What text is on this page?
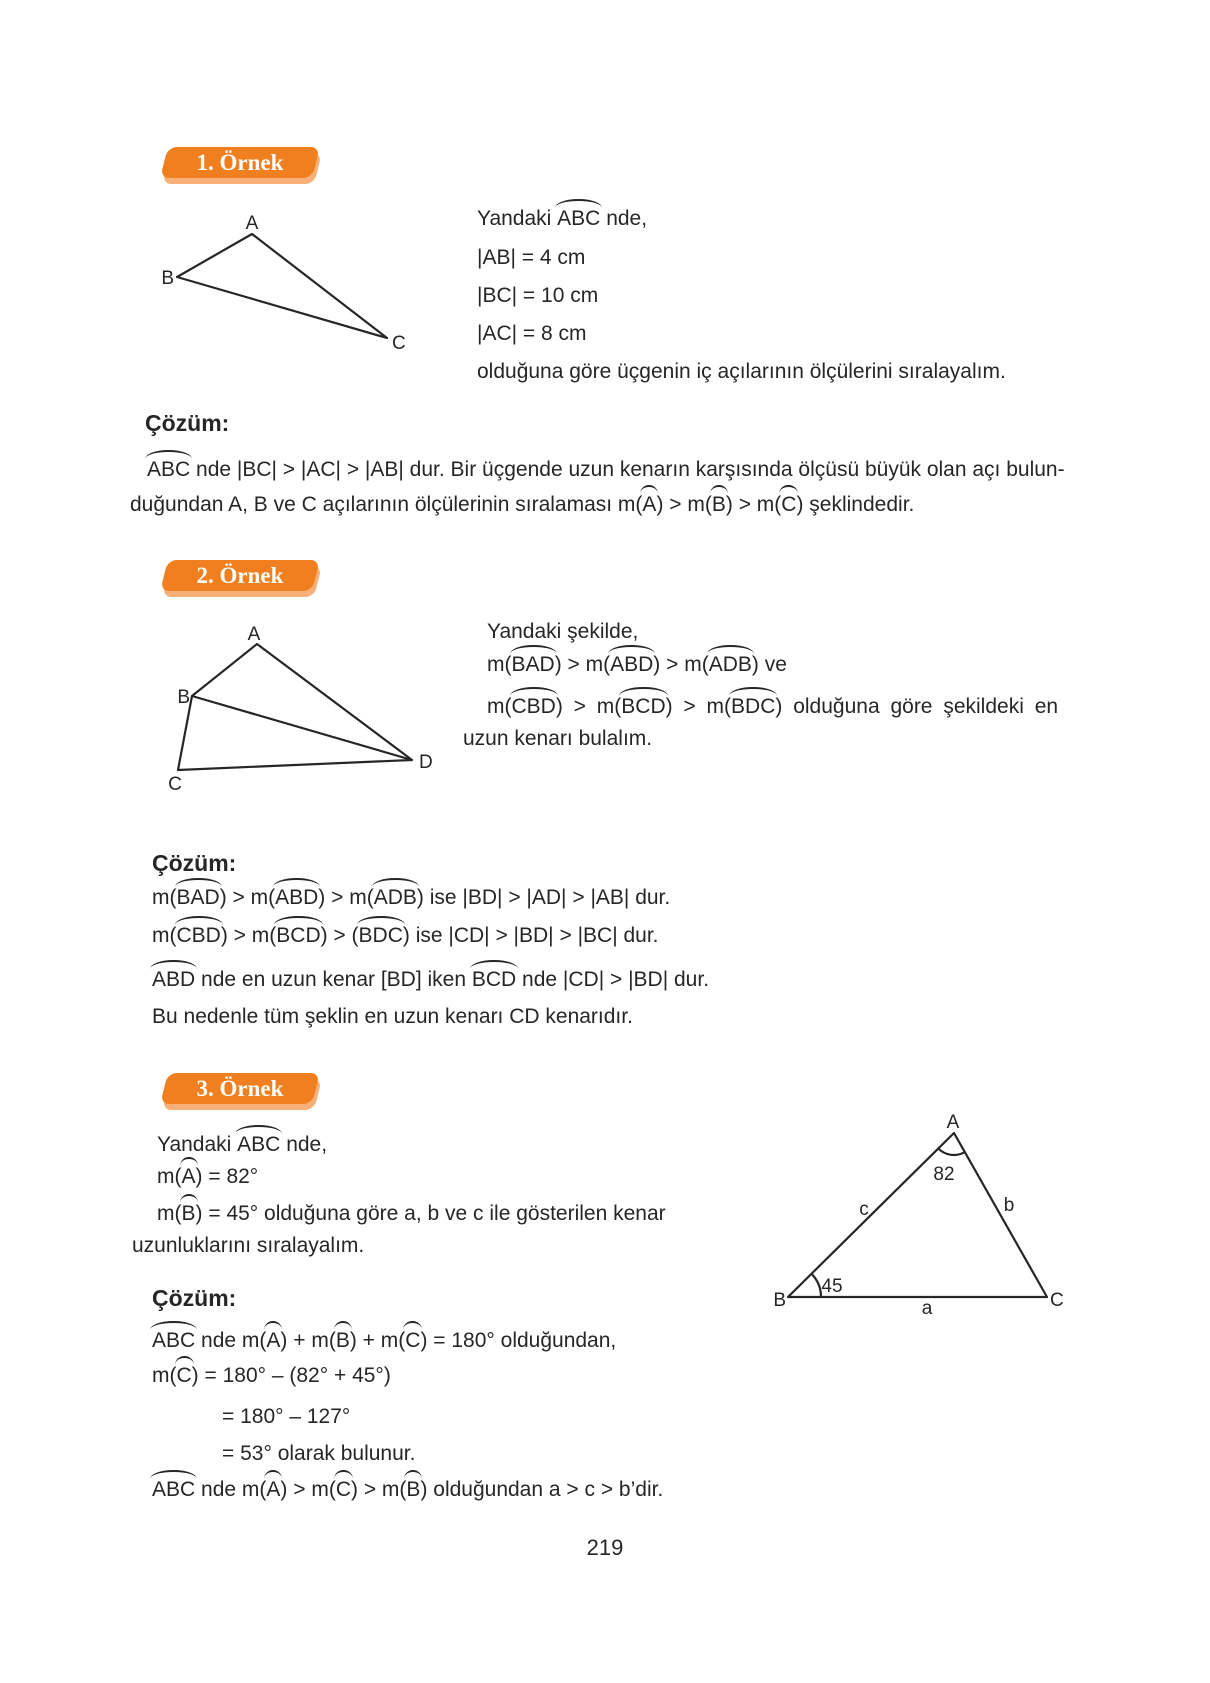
1. Örnek
A
B
C
Yandaki ABC nde,
|AB| = 4 cm
|BC| = 10 cm
|AC| = 8 cm
olduğuna göre üçgenin iç açılarının ölçülerini sıralayalım.
Çözüm:
ABC nde |BC| > |AC| > |AB| dur. Bir üçgende uzun kenarın karşısında ölçüsü büyük olan açı bulun-
duğundan A, B ve C açılarının ölçülerinin sıralaması m(A) > m(B) > m(C) şeklindedir.
2. Örnek
A
B
C
D
Yandaki şekilde,
m(BAD) > m(ABD) > m(ADB) ve
m(CBD) > m(BCD) > m(BDC) olduğuna göre şekildeki en
uzun kenarı bulalım.
Çözüm:
m(BAD) > m(ABD) > m(ADB) ise |BD| > |AD| > |AB| dur.
m(CBD) > m(BCD) > (BDC) ise |CD| > |BD| > |BC| dur.
ABD nde en uzun kenar [BD] iken BCD nde |CD| > |BD| dur.
Bu nedenle tüm şeklin en uzun kenarı CD kenarıdır.
3. Örnek
Yandaki ABC nde,
m(A) = 82°
m(B) = 45° olduğuna göre a, b ve c ile gösterilen kenar
uzunluklarını sıralayalım.
A
B	C
82
45
c	b
a
Çözüm:
ABC nde m(A) + m(B) + m(C) = 180° olduğundan,
m(C) = 180° – (82° + 45°)
= 180° – 127°
= 53° olarak bulunur.
ABC nde m(A) > m(C) > m(B) olduğundan a > c > b’dir.
219
